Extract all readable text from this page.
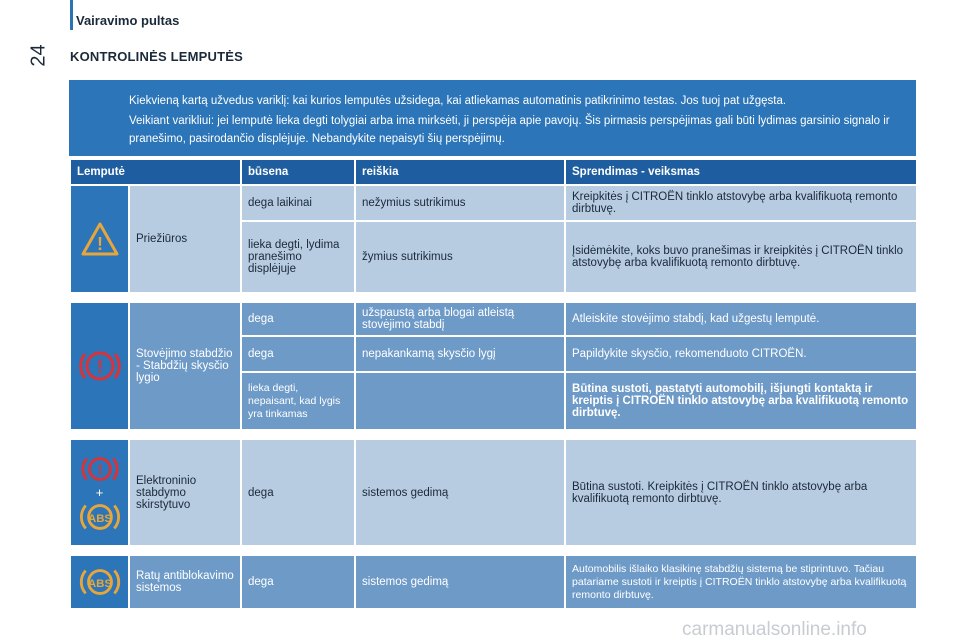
Vairavimo pultas
24 KONTROLINĖS LEMPUTĖS

Kiekvieną kartą užvedus variklį: kai kurios lemputės užsidega, kai atliekamas automatinis patikrinimo testas. Jos tuoj pat užgęsta.

Veikiant varikliui: jei lemputė lieka degti tolygiai arba ima mirksėti, ji perspėja apie pavojų. Šis pirmasis perspėjimas gali būti lydimas garsinio signalo ir pranešimo, pasirodančio displėjuje. Nebandykite nepaisyti šių perspėjimų.

Lemputė		būsena	reiškia	Sprendimas - veiksmas

!	Priežiūros	dega laikinai	nežymius sutrikimus	Kreipkitės į CITROËN tinklo atstovybę arba kvalifikuotą remonto dirbtuvę.
		lieka degti, lydima pranešimo displėjuje	žymius sutrikimus	Įsidėmėkite, koks buvo pranešimas ir kreipkitės į CITROËN tinklo atstovybę arba kvalifikuotą remonto dirbtuvę.

!	Stovėjimo stabdžio - Stabdžių skysčio lygio	dega	užspaustą arba blogai atleistą stovėjimo stabdį	Atleiskite stovėjimo stabdį, kad užgestų lemputė.
		dega	nepakankamą skysčio lygį	Papildykite skysčio, rekomenduoto CITROËN.
		lieka degti, nepaisant, kad lygis yra tinkamas		Būtina sustoti, pastatyti automobilį, išjungti kontaktą ir kreiptis į CITROËN tinklo atstovybę arba kvalifikuotą remonto dirbtuvę.

!
+
ABS	Elektroninio stabdymo skirstytuvo	dega	sistemos gedimą	Būtina sustoti. Kreipkitės į CITROËN tinklo atstovybę arba kvalifikuotą remonto dirbtuvę.

ABS	Ratų antiblokavimo sistemos	dega	sistemos gedimą	Automobilis išlaiko klasikinę stabdžių sistemą be stiprintuvo. Tačiau patariame sustoti ir kreiptis į CITROËN tinklo atstovybę arba kvalifikuotą remonto dirbtuvę.
carmanualsonline.info
